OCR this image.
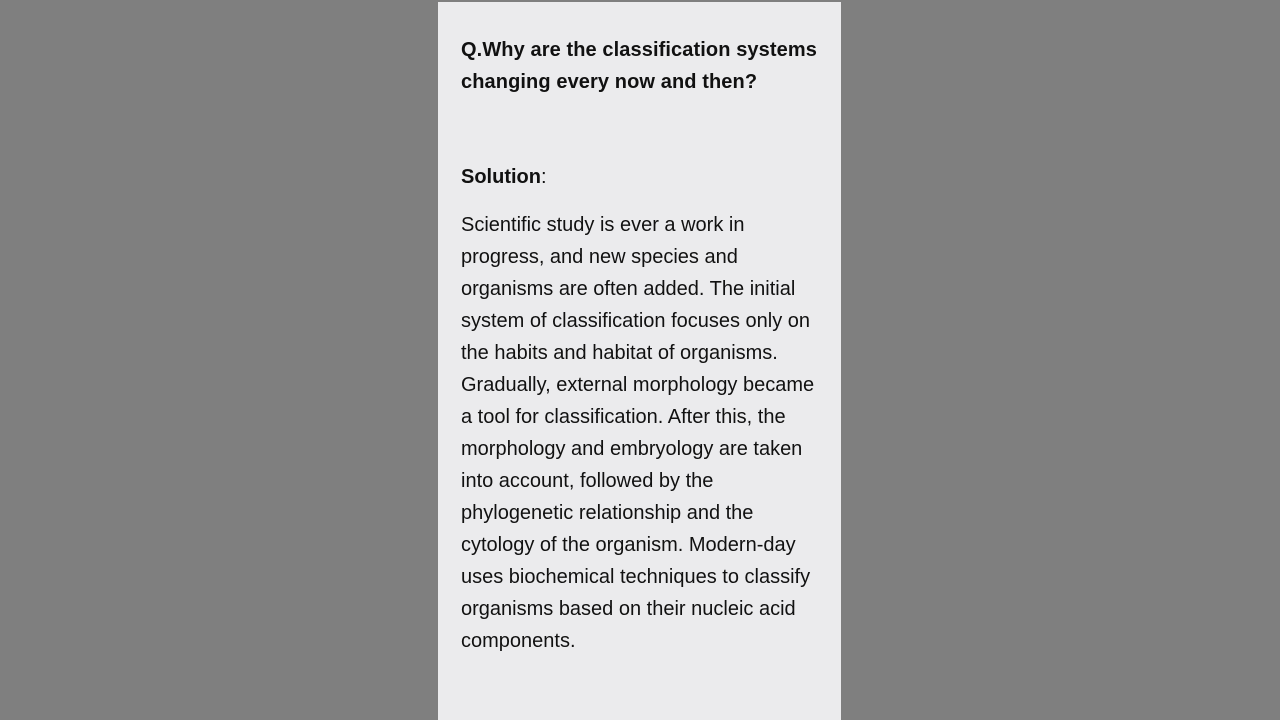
Q.Why are the classification systems changing every now and then?
Solution:
Scientific study is ever a work in progress, and new species and organisms are often added. The initial system of classification focuses only on the habits and habitat of organisms. Gradually, external morphology became a tool for classification. After this, the morphology and embryology are taken into account, followed by the phylogenetic relationship and the cytology of the organism. Modern-day uses biochemical techniques to classify organisms based on their nucleic acid components.
